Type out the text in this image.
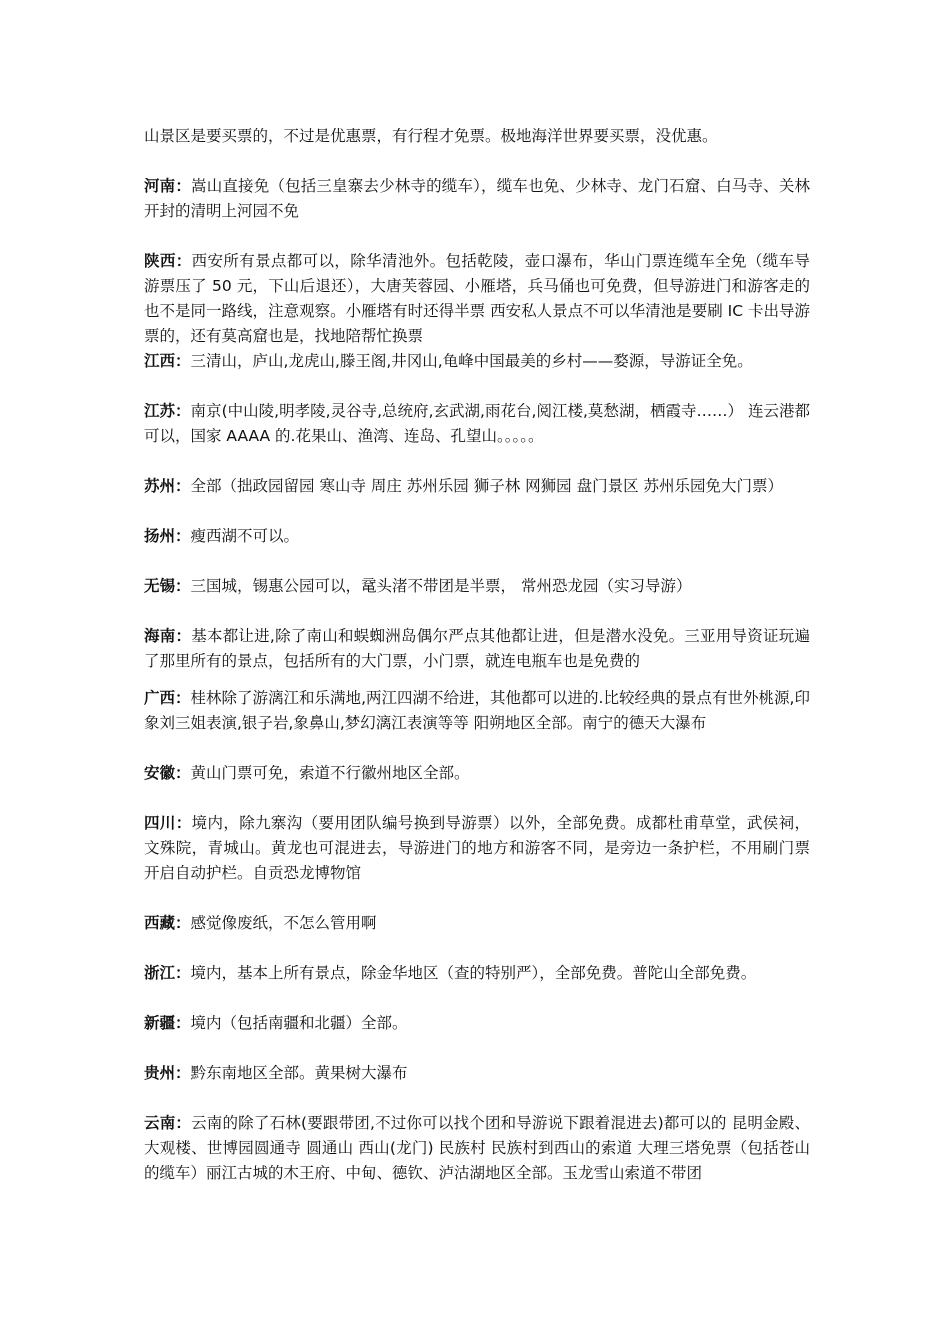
山景区是要买票的，不过是优惠票，有行程才免票。极地海洋世界要买票，没优惠。

河南：嵩山直接免（包括三皇寨去少林寺的缆车），缆车也免、少林寺、龙门石窟、白马寺、关林开封的清明上河园不免

陕西：西安所有景点都可以，除华清池外。包括乾陵，壶口瀑布，华山门票连缆车全免（缆车导游票压了 50 元，下山后退还），大唐芙蓉园、小雁塔，兵马俑也可免费，但导游进门和游客走的也不是同一路线，注意观察。小雁塔有时还得半票 西安私人景点不可以华清池是要刷 IC 卡出导游票的，还有莫高窟也是，找地陪帮忙换票

江西：三清山，庐山,龙虎山,滕王阁,井冈山,龟峰中国最美的乡村——婺源，导游证全免。

江苏：南京(中山陵,明孝陵,灵谷寺,总统府,玄武湖,雨花台,阅江楼,莫愁湖，栖霞寺……） 连云港都可以，国家 AAAA 的.花果山、渔湾、连岛、孔望山。。。。。

苏州：全部（拙政园留园 寒山寺 周庄 苏州乐园 狮子林 网狮园 盘门景区 苏州乐园免大门票）

扬州：瘦西湖不可以。

无锡：三国城，锡惠公园可以，鼋头渚不带团是半票， 常州恐龙园（实习导游）

海南：基本都让进,除了南山和蜈蜘洲岛偶尔严点其他都让进，但是潜水没免。三亚用导资证玩遍了那里所有的景点，包括所有的大门票，小门票，就连电瓶车也是免费的

广西：桂林除了游漓江和乐满地,两江四湖不给进，其他都可以进的.比较经典的景点有世外桃源,印象刘三姐表演,银子岩,象鼻山,梦幻漓江表演等等 阳朔地区全部。南宁的德天大瀑布

安徽：黄山门票可免，索道不行徽州地区全部。

四川：境内，除九寨沟（要用团队编号换到导游票）以外，全部免费。成都杜甫草堂，武侯祠，文殊院，青城山。黄龙也可混进去，导游进门的地方和游客不同，是旁边一条护栏，不用刷门票开启自动护栏。自贡恐龙博物馆

西藏：感觉像废纸，不怎么管用啊

浙江：境内，基本上所有景点，除金华地区（查的特别严），全部免费。普陀山全部免费。

新疆：境内（包括南疆和北疆）全部。

贵州：黔东南地区全部。黄果树大瀑布

云南：云南的除了石林(要跟带团,不过你可以找个团和导游说下跟着混进去)都可以的 昆明金殿、大观楼、世博园圆通寺 圆通山 西山(龙门) 民族村 民族村到西山的索道 大理三塔免票（包括苍山的缆车）丽江古城的木王府、中甸、德钦、泸沽湖地区全部。玉龙雪山索道不带团
